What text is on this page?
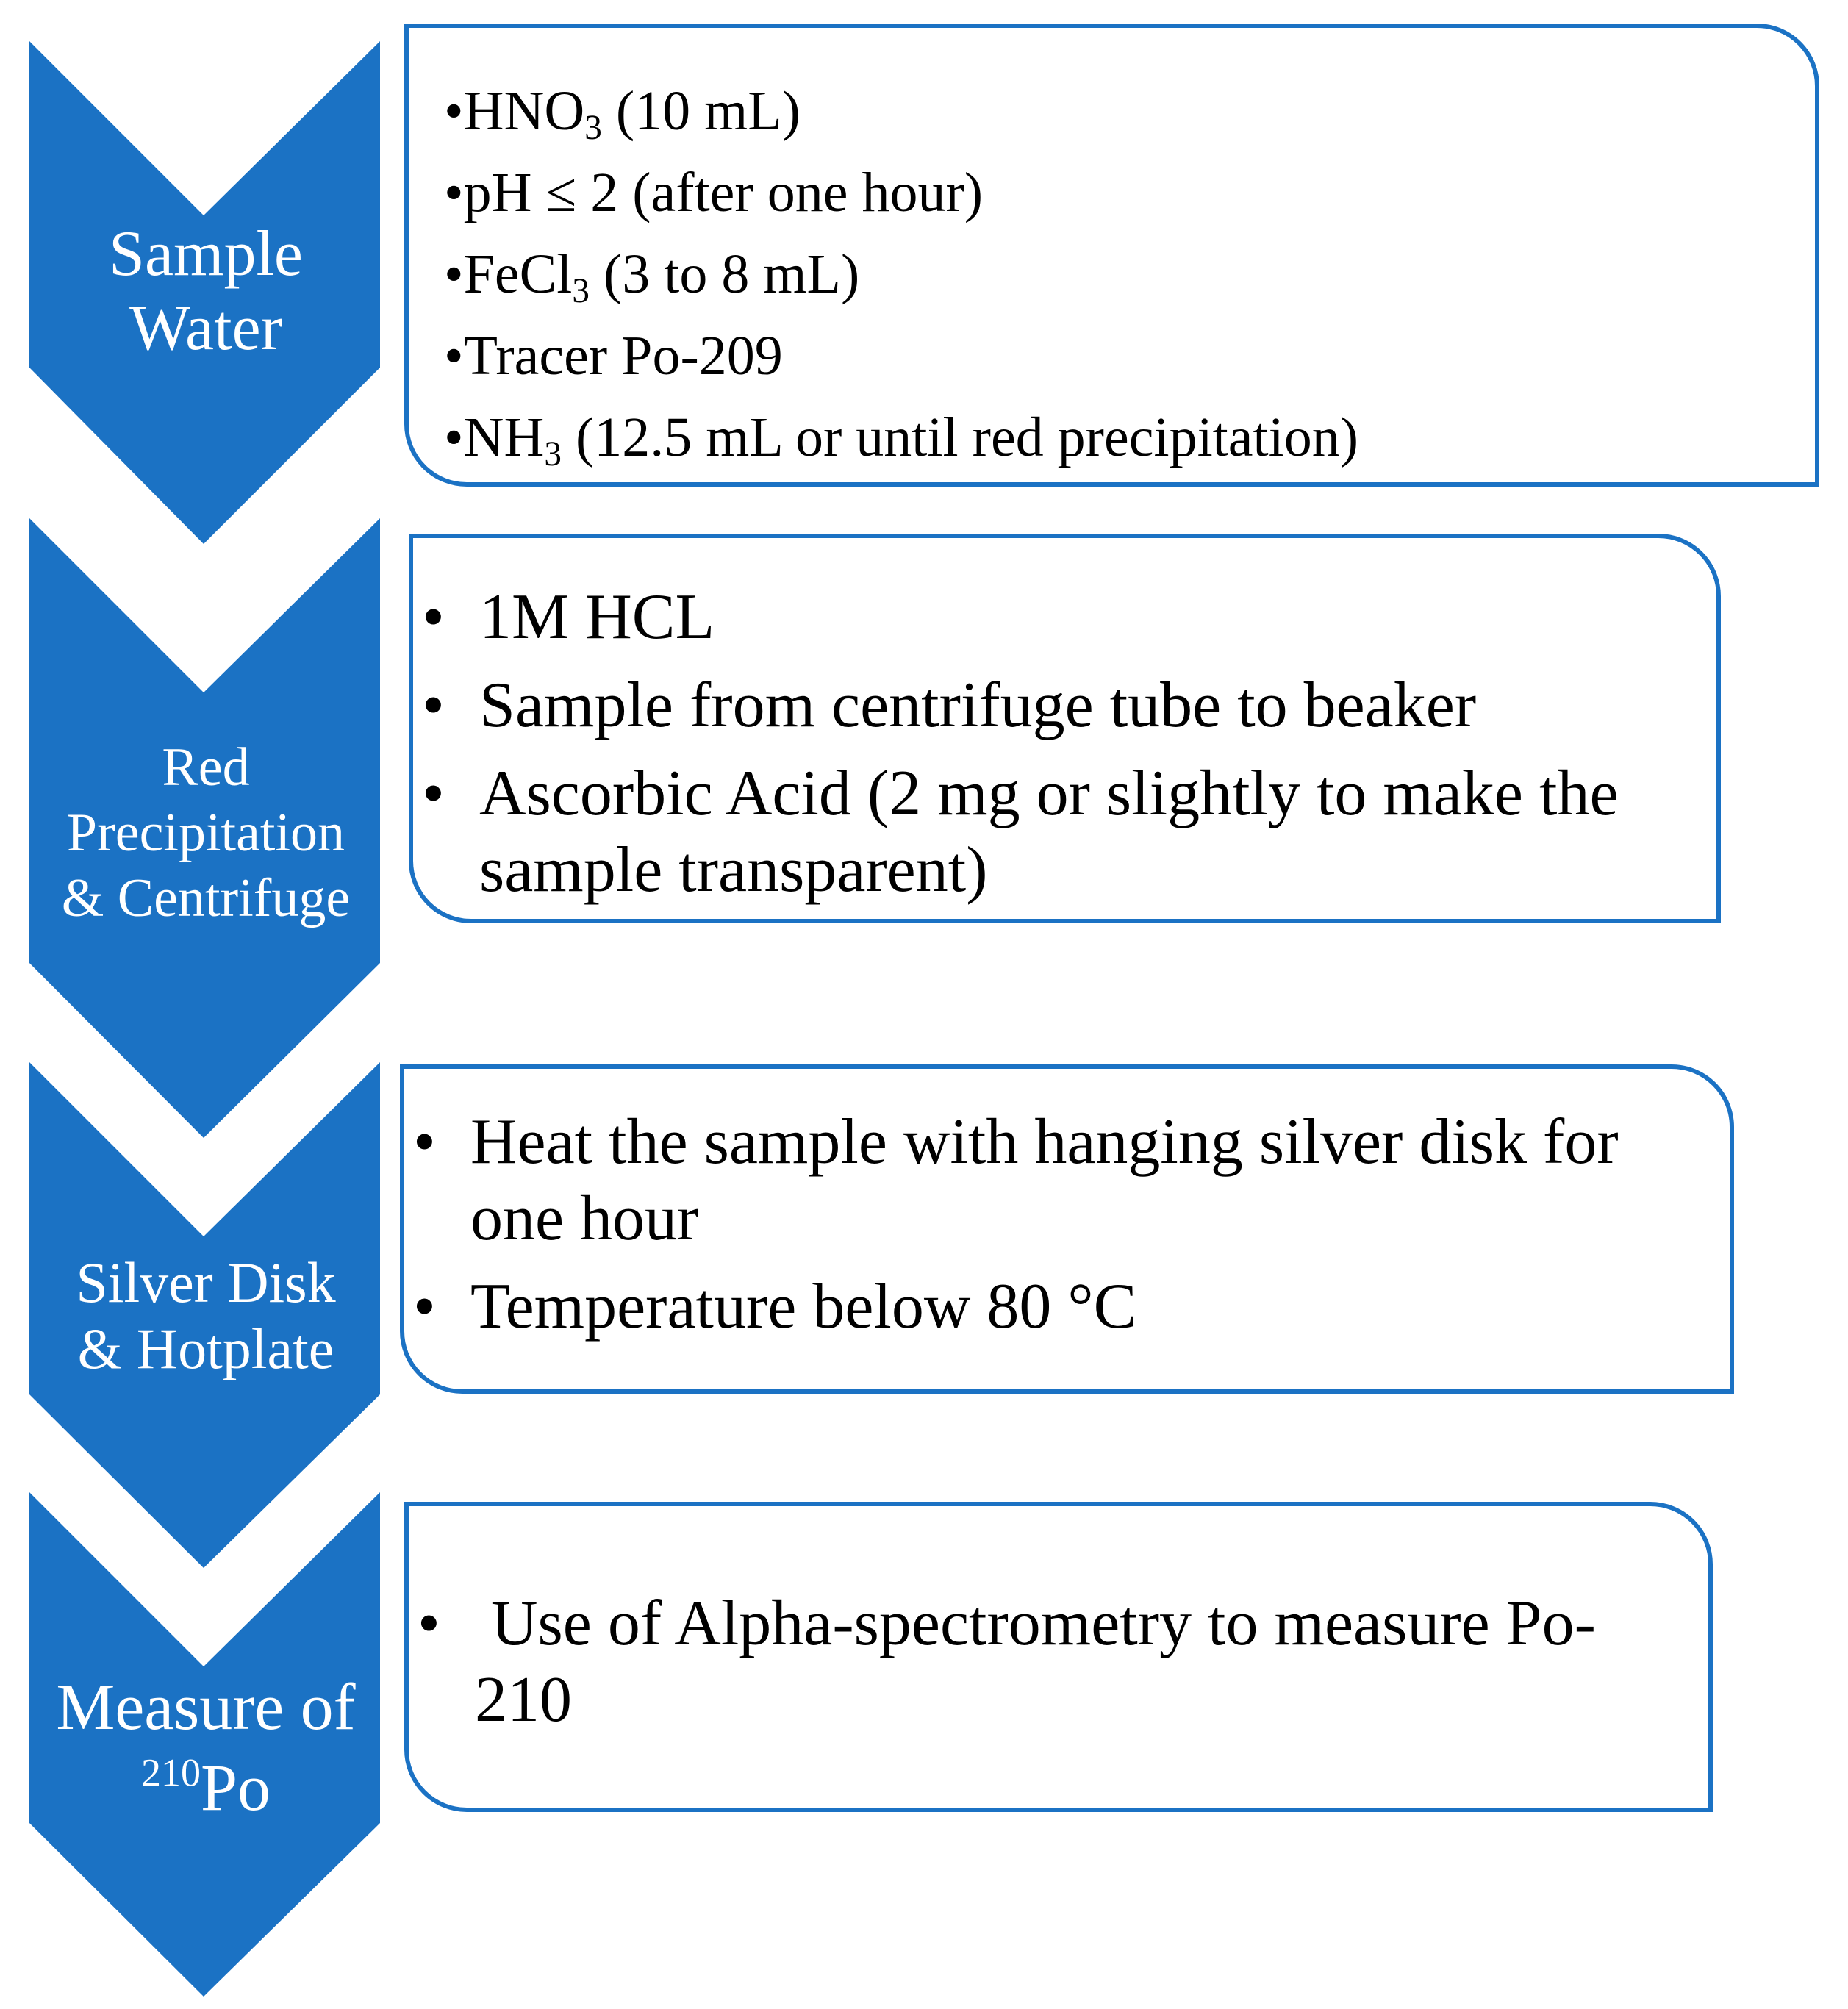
Sample
Water
Red
Precipitation
& Centrifuge
Silver Disk
& Hotplate
Measure of
$^{210}$Po
$•HNO_3$ (10 mL)
•pH ≤ 2 (after one hour)
•FeCl$_3$ (3 to 8 mL)
•Tracer Po-209
$•NH_3$ (12.5 mL or until red precipitation)
• 1M HCL
• Sample from centrifuge tube to beaker
• Ascorbic Acid (2 mg or slightly to make the sample transparent)
• Heat the sample with hanging silver disk for one hour
• Temperature below 80 °C
• Use of Alpha-spectrometry to measure Po-210
